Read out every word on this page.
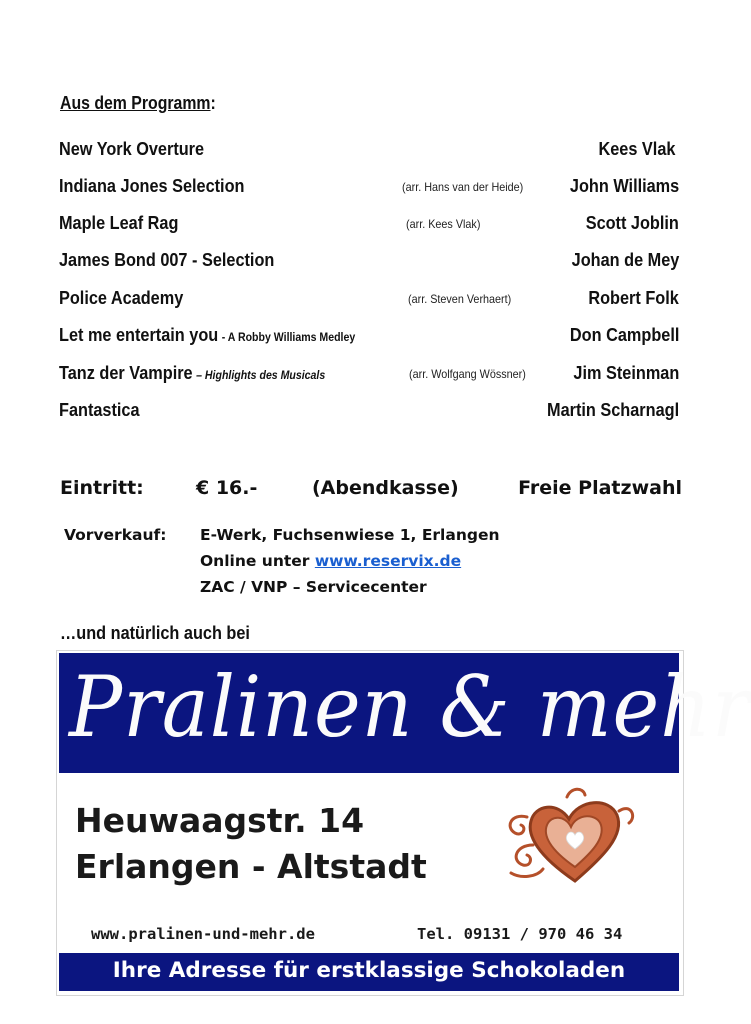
Aus dem Programm:
New York Overture	Kees Vlak
Indiana Jones Selection	(arr. Hans van der Heide)	John Williams
Maple Leaf Rag	(arr. Kees Vlak)	Scott Joblin
James Bond 007 - Selection	Johan de Mey
Police Academy	(arr. Steven Verhaert)	Robert Folk
Let me entertain you - A Robby Williams Medley	Don Campbell
Tanz der Vampire – Highlights des Musicals	(arr. Wolfgang Wössner)	Jim Steinman
Fantastica	Martin Scharnagl
Eintritt:	€ 16.-	(Abendkasse)	Freie Platzwahl
Vorverkauf: E-Werk, Fuchsenwiese 1, Erlangen
Online unter www.reservix.de
ZAC / VNP – Servicecenter
…und natürlich auch bei
Pralinen & mehr
Heuwaagstr. 14
Erlangen - Altstadt
www.pralinen-und-mehr.de	Tel. 09131 / 970 46 34
Ihre Adresse für erstklassige Schokoladen
